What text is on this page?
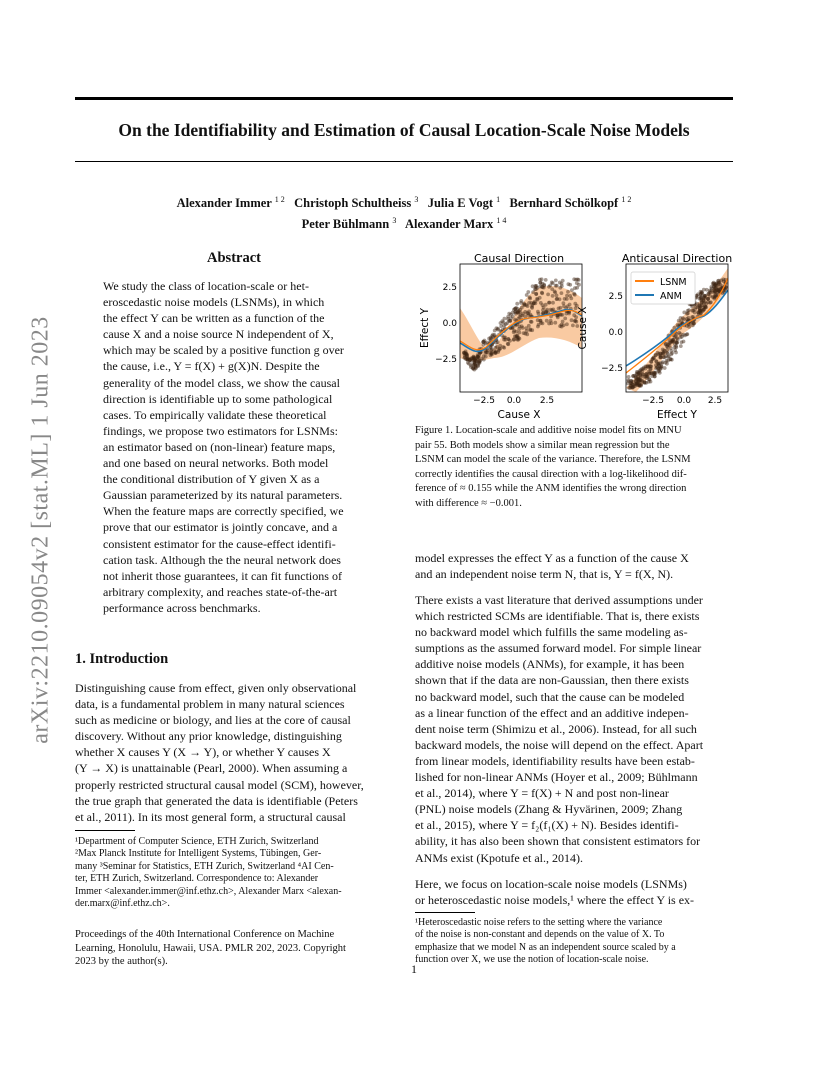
arXiv:2210.09054v2 [stat.ML] 1 Jun 2023
On the Identifiability and Estimation of Causal Location-Scale Noise Models
Alexander Immer $^{1 2}$ Christoph Schultheiss $^3$ Julia E Vogt $^1$ Bernhard Schölkopf $^{1 2}$
Peter Bühlmann $^3$ Alexander Marx $^{1 4}$
Abstract
We study the class of location-scale or het-
eroscedastic noise models (LSNMs), in which
the effect Y can be written as a function of the
cause X and a noise source N independent of X,
which may be scaled by a positive function g over
the cause, i.e., Y = f(X) + g(X)N. Despite the
generality of the model class, we show the causal
direction is identifiable up to some pathological
cases. To empirically validate these theoretical
findings, we propose two estimators for LSNMs:
an estimator based on (non-linear) feature maps,
and one based on neural networks. Both model
the conditional distribution of Y given X as a
Gaussian parameterized by its natural parameters.
When the feature maps are correctly specified, we
prove that our estimator is jointly concave, and a
consistent estimator for the cause-effect identifi-
cation task. Although the the neural network does
not inherit those guarantees, it can fit functions of
arbitrary complexity, and reaches state-of-the-art
performance across benchmarks.
1. Introduction
Distinguishing cause from effect, given only observational
data, is a fundamental problem in many natural sciences
such as medicine or biology, and lies at the core of causal
discovery. Without any prior knowledge, distinguishing
whether X causes Y (X → Y), or whether Y causes X
(Y → X) is unattainable (Pearl, 2000). When assuming a
properly restricted structural causal model (SCM), however,
the true graph that generated the data is identifiable (Peters
et al., 2011). In its most general form, a structural causal
¹Department of Computer Science, ETH Zurich, Switzerland
²Max Planck Institute for Intelligent Systems, Tübingen, Ger-
many ³Seminar for Statistics, ETH Zurich, Switzerland ⁴AI Cen-
ter, ETH Zurich, Switzerland. Correspondence to: Alexander
Immer <alexander.immer@inf.ethz.ch>, Alexander Marx <alexan-
der.marx@inf.ethz.ch>.
Proceedings of the 40th International Conference on Machine
Learning, Honolulu, Hawaii, USA. PMLR 202, 2023. Copyright
2023 by the author(s).
Causal Direction	Anticausal Direction
2.5
0.0
−2.5
−2.5 0.0 2.5
Cause X
Effect Y
2.5
0.0
−2.5
−2.5 0.0 2.5
Effect Y
Cause X
LSNM
ANM
Figure 1. Location-scale and additive noise model fits on MNU
pair 55. Both models show a similar mean regression but the
LSNM can model the scale of the variance. Therefore, the LSNM
correctly identifies the causal direction with a log-likelihood dif-
ference of ≈ 0.155 while the ANM identifies the wrong direction
with difference ≈ −0.001.
model expresses the effect Y as a function of the cause X
and an independent noise term N, that is, Y = f(X, N).
There exists a vast literature that derived assumptions under
which restricted SCMs are identifiable. That is, there exists
no backward model which fulfills the same modeling as-
sumptions as the assumed forward model. For simple linear
additive noise models (ANMs), for example, it has been
shown that if the data are non-Gaussian, then there exists
no backward model, such that the cause can be modeled
as a linear function of the effect and an additive indepen-
dent noise term (Shimizu et al., 2006). Instead, for all such
backward models, the noise will depend on the effect. Apart
from linear models, identifiability results have been estab-
lished for non-linear ANMs (Hoyer et al., 2009; Bühlmann
et al., 2014), where Y = f(X) + N and post non-linear
(PNL) noise models (Zhang & Hyvärinen, 2009; Zhang
et al., 2015), where Y = f₂(f₁(X) + N). Besides identifi-
ability, it has also been shown that consistent estimators for
ANMs exist (Kpotufe et al., 2014).
Here, we focus on location-scale noise models (LSNMs)
or heteroscedastic noise models,¹ where the effect Y is ex-
¹Heteroscedastic noise refers to the setting where the variance
of the noise is non-constant and depends on the value of X. To
emphasize that we model N as an independent source scaled by a
function over X, we use the notion of location-scale noise.
1
